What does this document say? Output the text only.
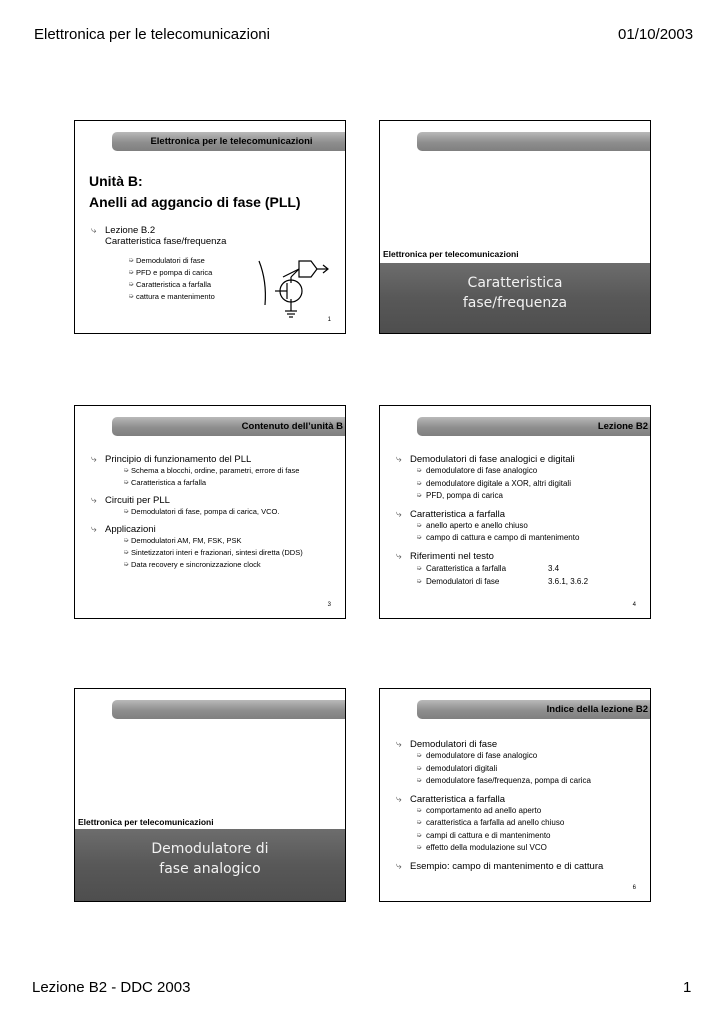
Elettronica per le telecomunicazioni	01/10/2003
Elettronica per le telecomunicazioni
Unità B:
Anelli ad aggancio di fase (PLL)
⤷ Lezione B.2
Caratteristica fase/frequenza
➭ Demodulatori di fase
➭ PFD e pompa di carica
➭ Caratteristica a farfalla
➭ cattura e mantenimento
1
Elettronica per telecomunicazioni
Caratteristica
fase/frequenza
Contenuto dell’unità B
⤷ Principio di funzionamento del PLL
➭ Schema a blocchi, ordine, parametri, errore di fase
➭ Caratteristica a farfalla
⤷ Circuiti per PLL
➭ Demodulatori di fase, pompa di carica, VCO.
⤷ Applicazioni
➭ Demodulatori AM, FM, FSK, PSK
➭ Sintetizzatori interi e frazionari, sintesi diretta (DDS)
➭ Data recovery e sincronizzazione clock
3
Lezione B2
⤷ Demodulatori di fase analogici e digitali
➭ demodulatore di fase analogico
➭ demodulatore digitale a XOR, altri digitali
➭ PFD, pompa di carica
⤷ Caratteristica a farfalla
➭ anello aperto e anello chiuso
➭ campo di cattura e campo di mantenimento
⤷ Riferimenti nel testo
➭ Caratteristica a farfalla	3.4
➭ Demodulatori di fase	3.6.1, 3.6.2
4
Elettronica per telecomunicazioni
Demodulatore di
fase analogico
Indice della lezione B2
⤷ Demodulatori di fase
➭ demodulatore di fase analogico
➭ demodulatori digitali
➭ demodulatore fase/frequenza, pompa di carica
⤷ Caratteristica a farfalla
➭ comportamento ad anello aperto
➭ caratteristica a farfalla ad anello chiuso
➭ campi di cattura e di mantenimento
➭ effetto della modulazione sul VCO
⤷ Esempio: campo di mantenimento e di cattura
6
Lezione B2 - DDC 2003	1
